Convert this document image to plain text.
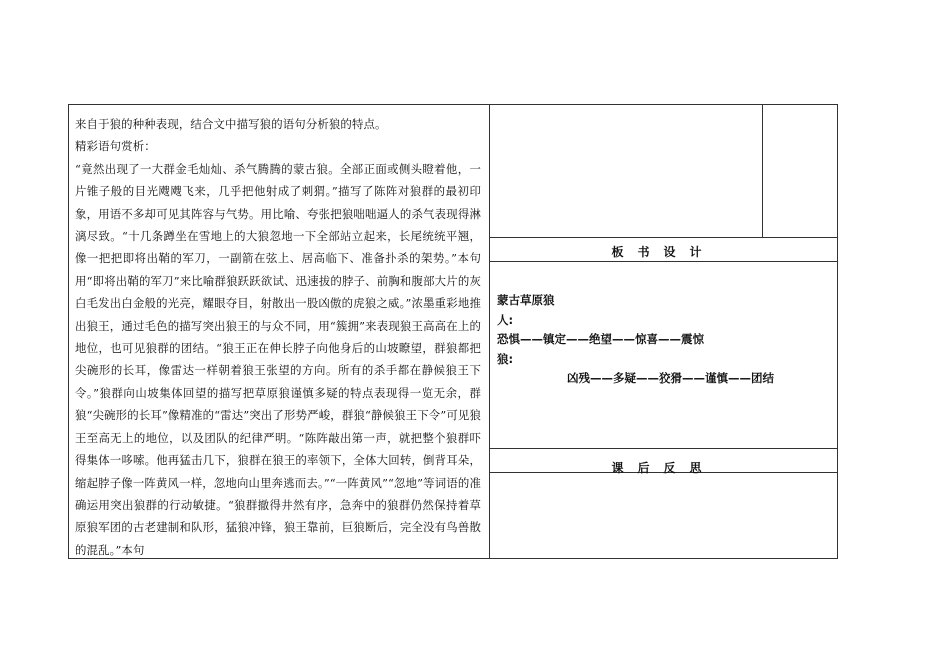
来自于狼的种种表现，结合文中描写狼的语句分析狼的特点。

精彩语句赏析：

“竟然出现了一大群金毛灿灿、杀气腾腾的蒙古狼。全部正面或侧头瞪着他，一片锥子般的目光飕飕飞来，几乎把他射成了刺猬。”描写了陈阵对狼群的最初印象，用语不多却可见其阵容与气势。用比喻、夸张把狼咄咄逼人的杀气表现得淋漓尽致。“十几条蹲坐在雪地上的大狼忽地一下全部站立起来，长尾统统平翘，像一把把即将出鞘的军刀，一副箭在弦上、居高临下、准备扑杀的架势。”本句用“即将出鞘的军刀”来比喻群狼跃跃欲试、迅速拔的脖子、前胸和腹部大片的灰白毛发出白金般的光亮，耀眼夺目，射散出一股凶傲的虎狼之威。”浓墨重彩地推出狼王，通过毛色的描写突出狼王的与众不同，用“簇拥”来表现狼王高高在上的地位，也可见狼群的团结。“狼王正在伸长脖子向他身后的山坡瞭望，群狼都把尖碗形的长耳，像雷达一样朝着狼王张望的方向。所有的杀手都在静候狼王下令。”狼群向山坡集体回望的描写把草原狼谨慎多疑的特点表现得一览无余，群狼“尖碗形的长耳”像精准的“雷达”突出了形势严峻，群狼“静候狼王下令”可见狼王至高无上的地位，以及团队的纪律严明。“陈阵敲出第一声，就把整个狼群吓得集体一哆嗦。他再猛击几下，狼群在狼王的率领下，全体大回转，倒背耳朵，缩起脖子像一阵黄风一样，忽地向山里奔逃而去。”“一阵黄风”“忽地”等词语的准确运用突出狼群的行动敏捷。“狼群撤得井然有序，急奔中的狼群仍然保持着草原狼军团的古老建制和队形，猛狼冲锋，狼王靠前，巨狼断后，完全没有鸟兽散的混乱。”本句

板书设计

蒙古草原狼

人:

恐惧——镇定——绝望——惊喜——震惊

狼:

凶残——多疑——狡猾——谨慎——团结

课后反思
